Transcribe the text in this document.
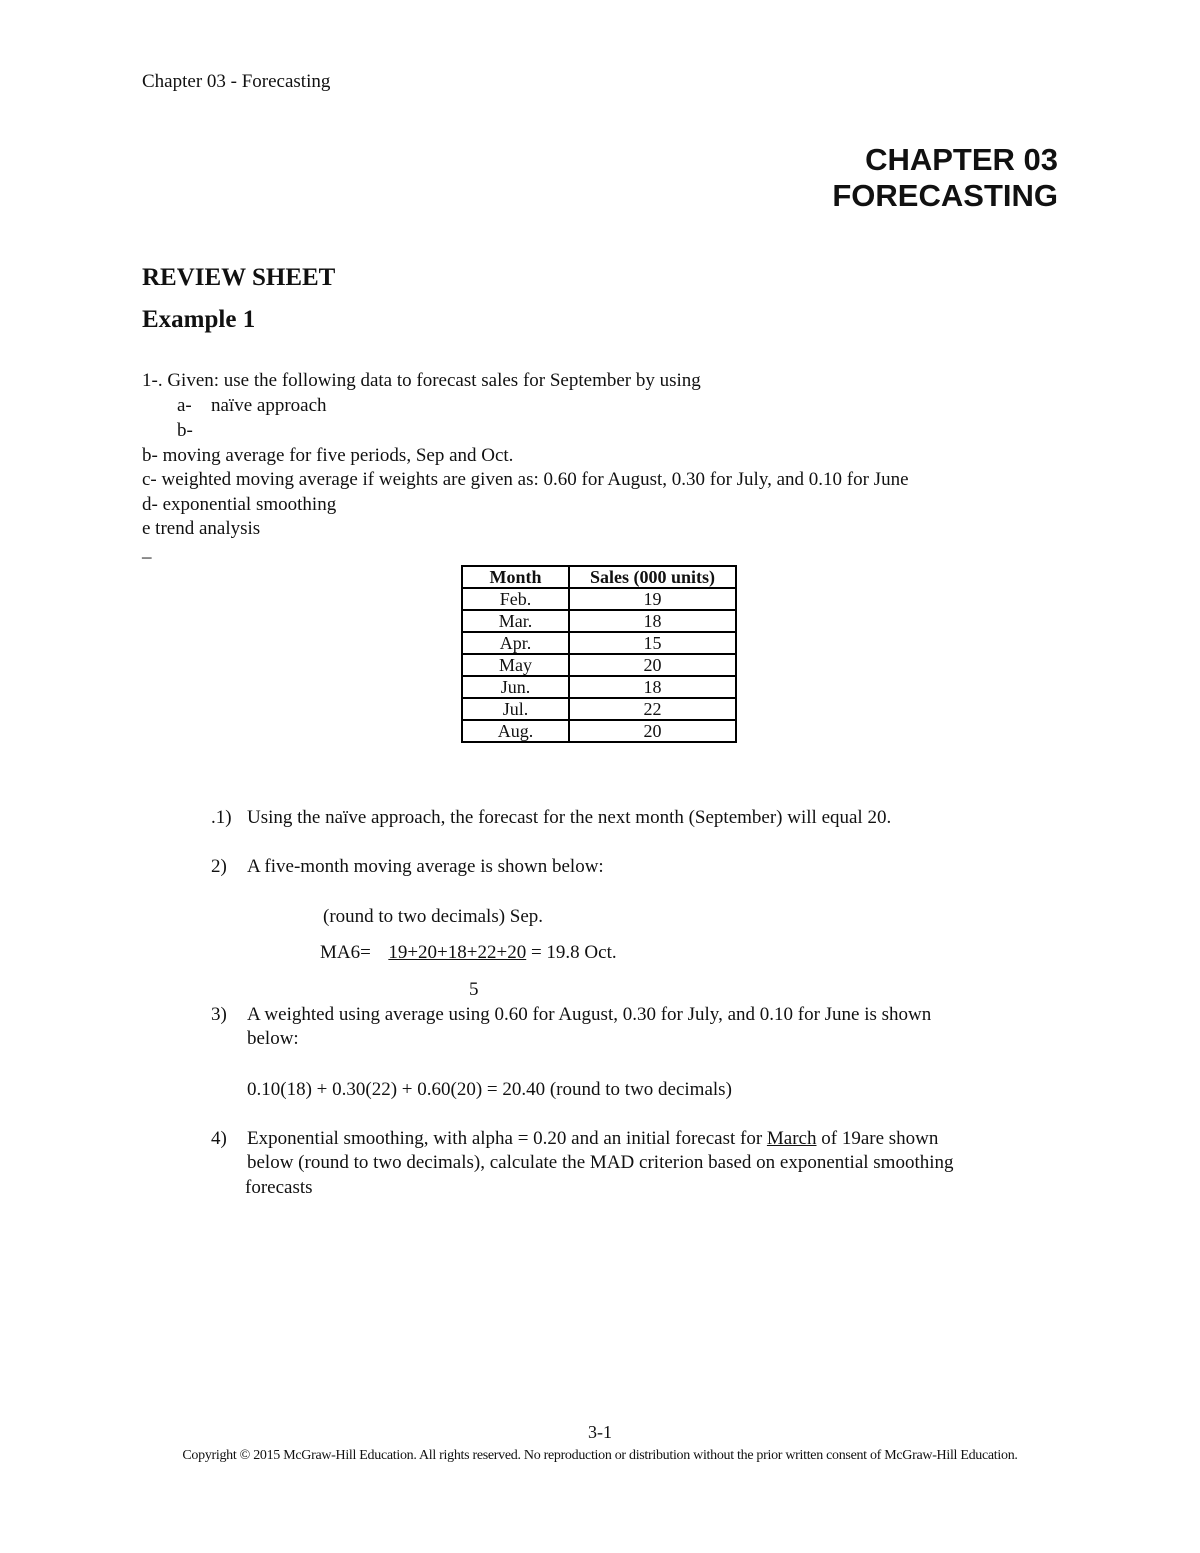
Chapter 03 - Forecasting
CHAPTER 03
FORECASTING
REVIEW SHEET
Example 1
1-. Given: use the following data to forecast sales for September by using
a- naïve approach
b-
b- moving average for five periods, Sep and Oct.
c- weighted moving average if weights are given as: 0.60 for August, 0.30 for July, and 0.10 for June
d- exponential smoothing
e trend analysis
_
Month	Sales (000 units)
Feb.	19
Mar.	18
Apr.	15
May	20
Jun.	18
Jul.	22
Aug.	20
.1) Using the naïve approach, the forecast for the next month (September) will equal 20.
2) A five-month moving average is shown below:
(round to two decimals) Sep.
MA6= 19+20+18+22+20 = 19.8 Oct.
5
3) A weighted using average using 0.60 for August, 0.30 for July, and 0.10 for June is shown
below:
0.10(18) + 0.30(22) + 0.60(20) = 20.40 (round to two decimals)
4) Exponential smoothing, with alpha = 0.20 and an initial forecast for March of 19are shown
below (round to two decimals), calculate the MAD criterion based on exponential smoothing
forecasts
3-1
Copyright © 2015 McGraw-Hill Education. All rights reserved. No reproduction or distribution without the prior written consent of McGraw-Hill Education.
